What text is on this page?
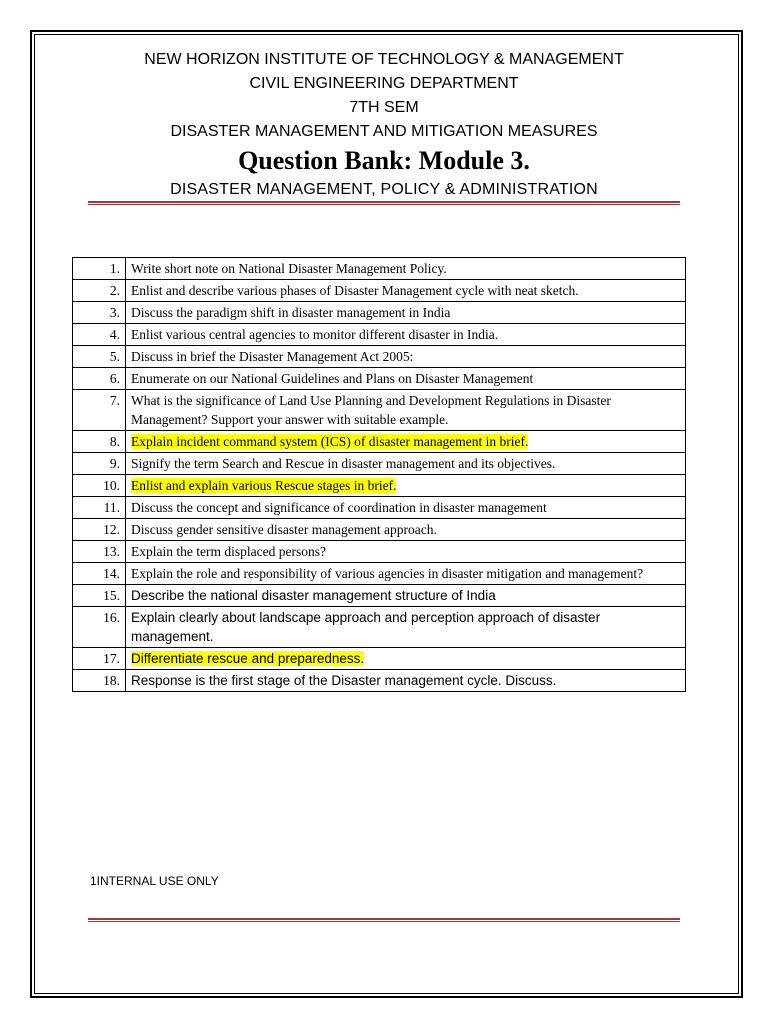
NEW HORIZON INSTITUTE OF TECHNOLOGY & MANAGEMENT
CIVIL ENGINEERING DEPARTMENT
7TH SEM
DISASTER MANAGEMENT AND MITIGATION MEASURES
Question Bank: Module 3.
DISASTER MANAGEMENT, POLICY & ADMINISTRATION
1.	Write short note on National Disaster Management Policy.
2.	Enlist and describe various phases of Disaster Management cycle with neat sketch.
3.	Discuss the paradigm shift in disaster management in India
4.	Enlist various central agencies to monitor different disaster in India.
5.	Discuss in brief the Disaster Management Act 2005:
6.	Enumerate on our National Guidelines and Plans on Disaster Management
7.	What is the significance of Land Use Planning and Development Regulations in Disaster Management? Support your answer with suitable example.
8.	Explain incident command system (ICS) of disaster management in brief.
9.	Signify the term Search and Rescue in disaster management and its objectives.
10.	Enlist and explain various Rescue stages in brief.
11.	Discuss the concept and significance of coordination in disaster management
12.	Discuss gender sensitive disaster management approach.
13.	Explain the term displaced persons?
14.	Explain the role and responsibility of various agencies in disaster mitigation and management?
15.	Describe the national disaster management structure of India
16.	Explain clearly about landscape approach and perception approach of disaster management.
17.	Differentiate rescue and preparedness.
18.	Response is the first stage of the Disaster management cycle. Discuss.
1INTERNAL USE ONLY
